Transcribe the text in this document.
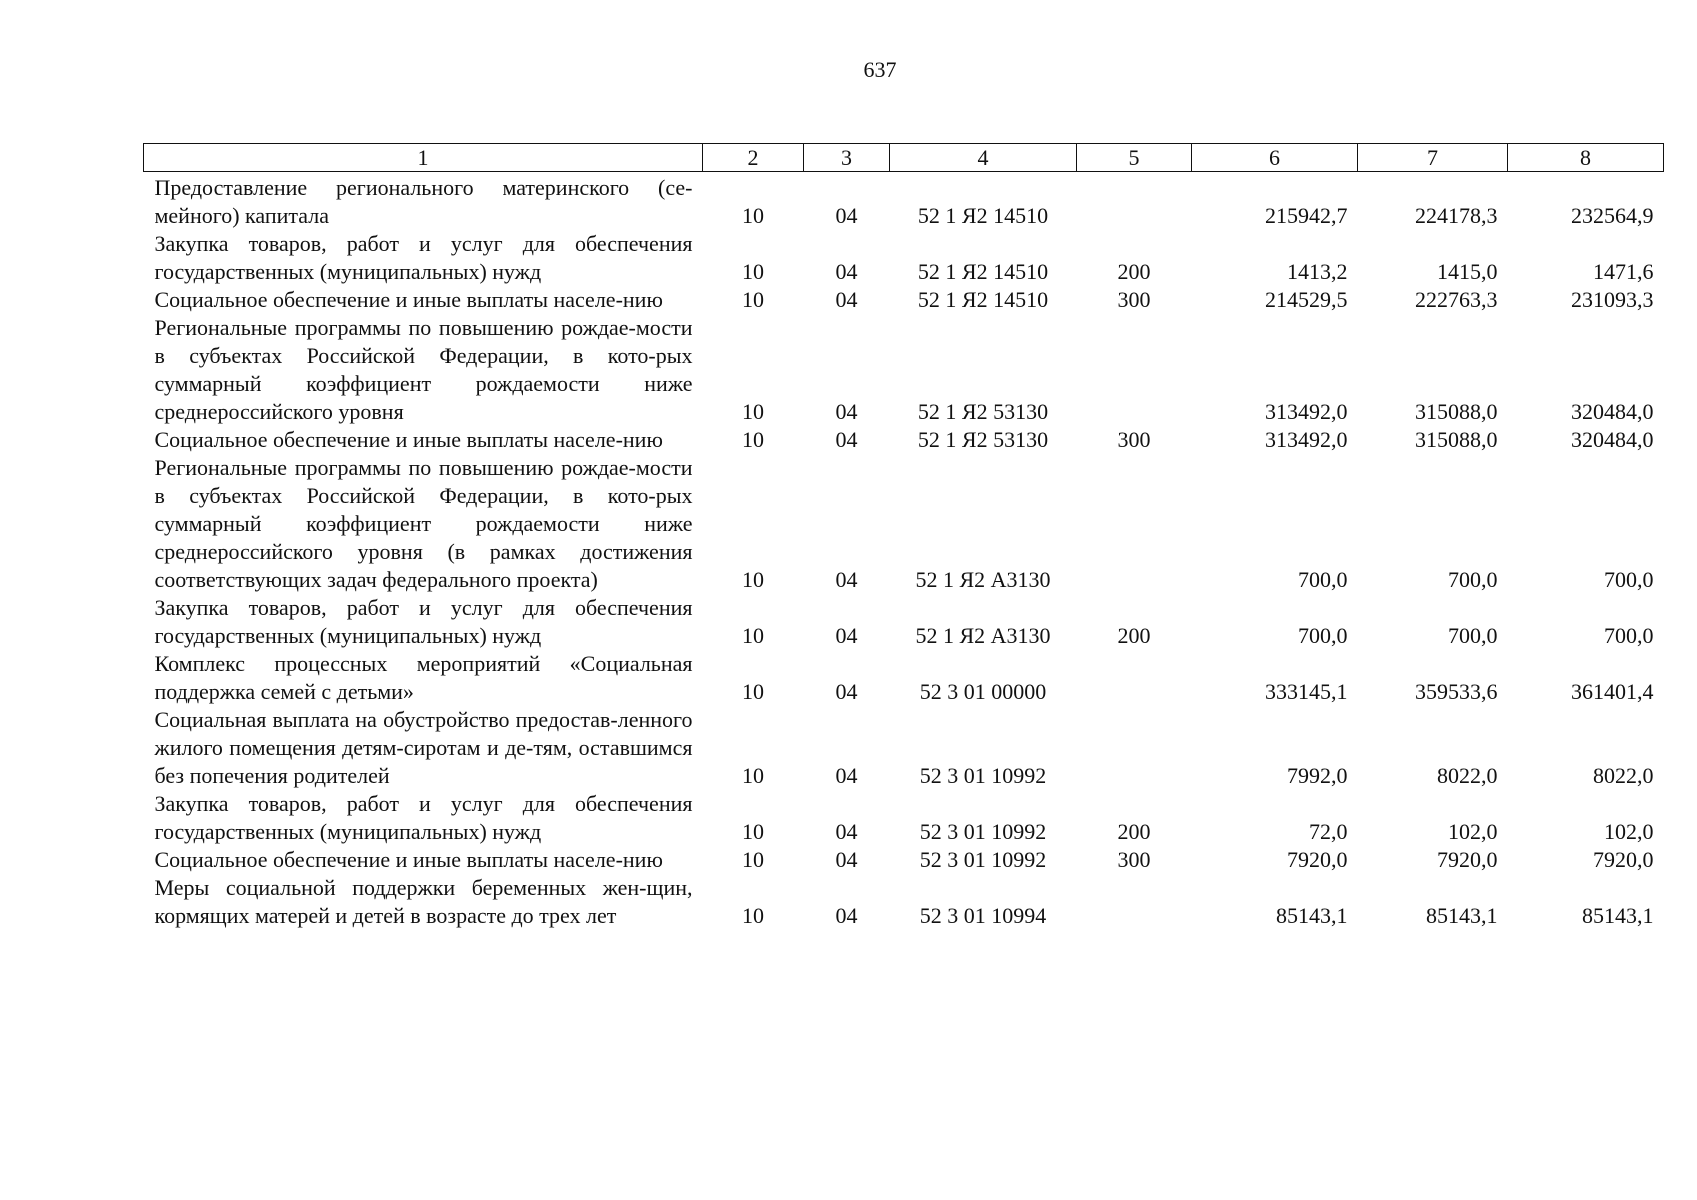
637
1	2	3	4	5	6	7	8
Предоставление регионального материнского (се-мейного) капитала	10	04	52 1 Я2 14510		215942,7	224178,3	232564,9
Закупка товаров, работ и услуг для обеспечения государственных (муниципальных) нужд	10	04	52 1 Я2 14510	200	1413,2	1415,0	1471,6
Социальное обеспечение и иные выплаты населе-нию	10	04	52 1 Я2 14510	300	214529,5	222763,3	231093,3
Региональные программы по повышению рождае-мости в субъектах Российской Федерации, в кото-рых суммарный коэффициент рождаемости ниже среднероссийского уровня	10	04	52 1 Я2 53130		313492,0	315088,0	320484,0
Социальное обеспечение и иные выплаты населе-нию	10	04	52 1 Я2 53130	300	313492,0	315088,0	320484,0
Региональные программы по повышению рождае-мости в субъектах Российской Федерации, в кото-рых суммарный коэффициент рождаемости ниже среднероссийского уровня (в рамках достижения соответствующих задач федерального проекта)	10	04	52 1 Я2 А3130		700,0	700,0	700,0
Закупка товаров, работ и услуг для обеспечения государственных (муниципальных) нужд	10	04	52 1 Я2 А3130	200	700,0	700,0	700,0
Комплекс процессных мероприятий «Социальная поддержка семей с детьми»	10	04	52 3 01 00000		333145,1	359533,6	361401,4
Социальная выплата на обустройство предостав-ленного жилого помещения детям-сиротам и де-тям, оставшимся без попечения родителей	10	04	52 3 01 10992		7992,0	8022,0	8022,0
Закупка товаров, работ и услуг для обеспечения государственных (муниципальных) нужд	10	04	52 3 01 10992	200	72,0	102,0	102,0
Социальное обеспечение и иные выплаты населе-нию	10	04	52 3 01 10992	300	7920,0	7920,0	7920,0
Меры социальной поддержки беременных жен-щин, кормящих матерей и детей в возрасте до трех лет	10	04	52 3 01 10994		85143,1	85143,1	85143,1
